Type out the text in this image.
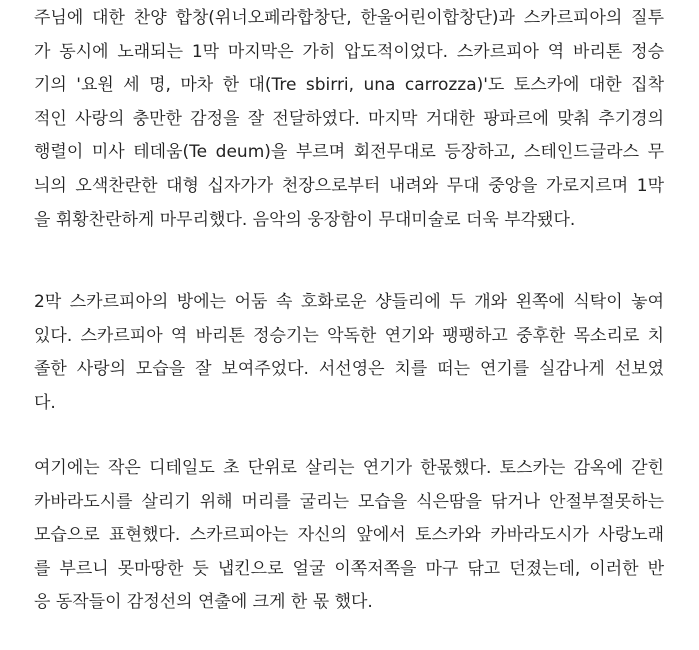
주님에 대한 찬양 합창(위너오페라합창단, 한울어린이합창단)과 스카르피아의 질투
가 동시에 노래되는 1막 마지막은 가히 압도적이었다. 스카르피아 역 바리톤 정승
기의 '요원 세 명, 마차 한 대(Tre sbirri, una carrozza)'도 토스카에 대한 집착
적인 사랑의 충만한 감정을 잘 전달하였다. 마지막 거대한 팡파르에 맞춰 추기경의
행렬이 미사 테데움(Te deum)을 부르며 회전무대로 등장하고, 스테인드글라스 무
늬의 오색찬란한 대형 십자가가 천장으로부터 내려와 무대 중앙을 가로지르며 1막
을 휘황찬란하게 마무리했다. 음악의 웅장함이 무대미술로 더욱 부각됐다.
2막 스카르피아의 방에는 어둠 속 호화로운 샹들리에 두 개와 왼쪽에 식탁이 놓여
있다. 스카르피아 역 바리톤 정승기는 악독한 연기와 팽팽하고 중후한 목소리로 치
졸한 사랑의 모습을 잘 보여주었다. 서선영은 치를 떠는 연기를 실감나게 선보였
다.
여기에는 작은 디테일도 초 단위로 살리는 연기가 한몫했다. 토스카는 감옥에 갇힌
카바라도시를 살리기 위해 머리를 굴리는 모습을 식은땀을 닦거나 안절부절못하는
모습으로 표현했다. 스카르피아는 자신의 앞에서 토스카와 카바라도시가 사랑노래
를 부르니 못마땅한 듯 냅킨으로 얼굴 이쪽저쪽을 마구 닦고 던졌는데, 이러한 반
응 동작들이 감정선의 연출에 크게 한 몫 했다.
